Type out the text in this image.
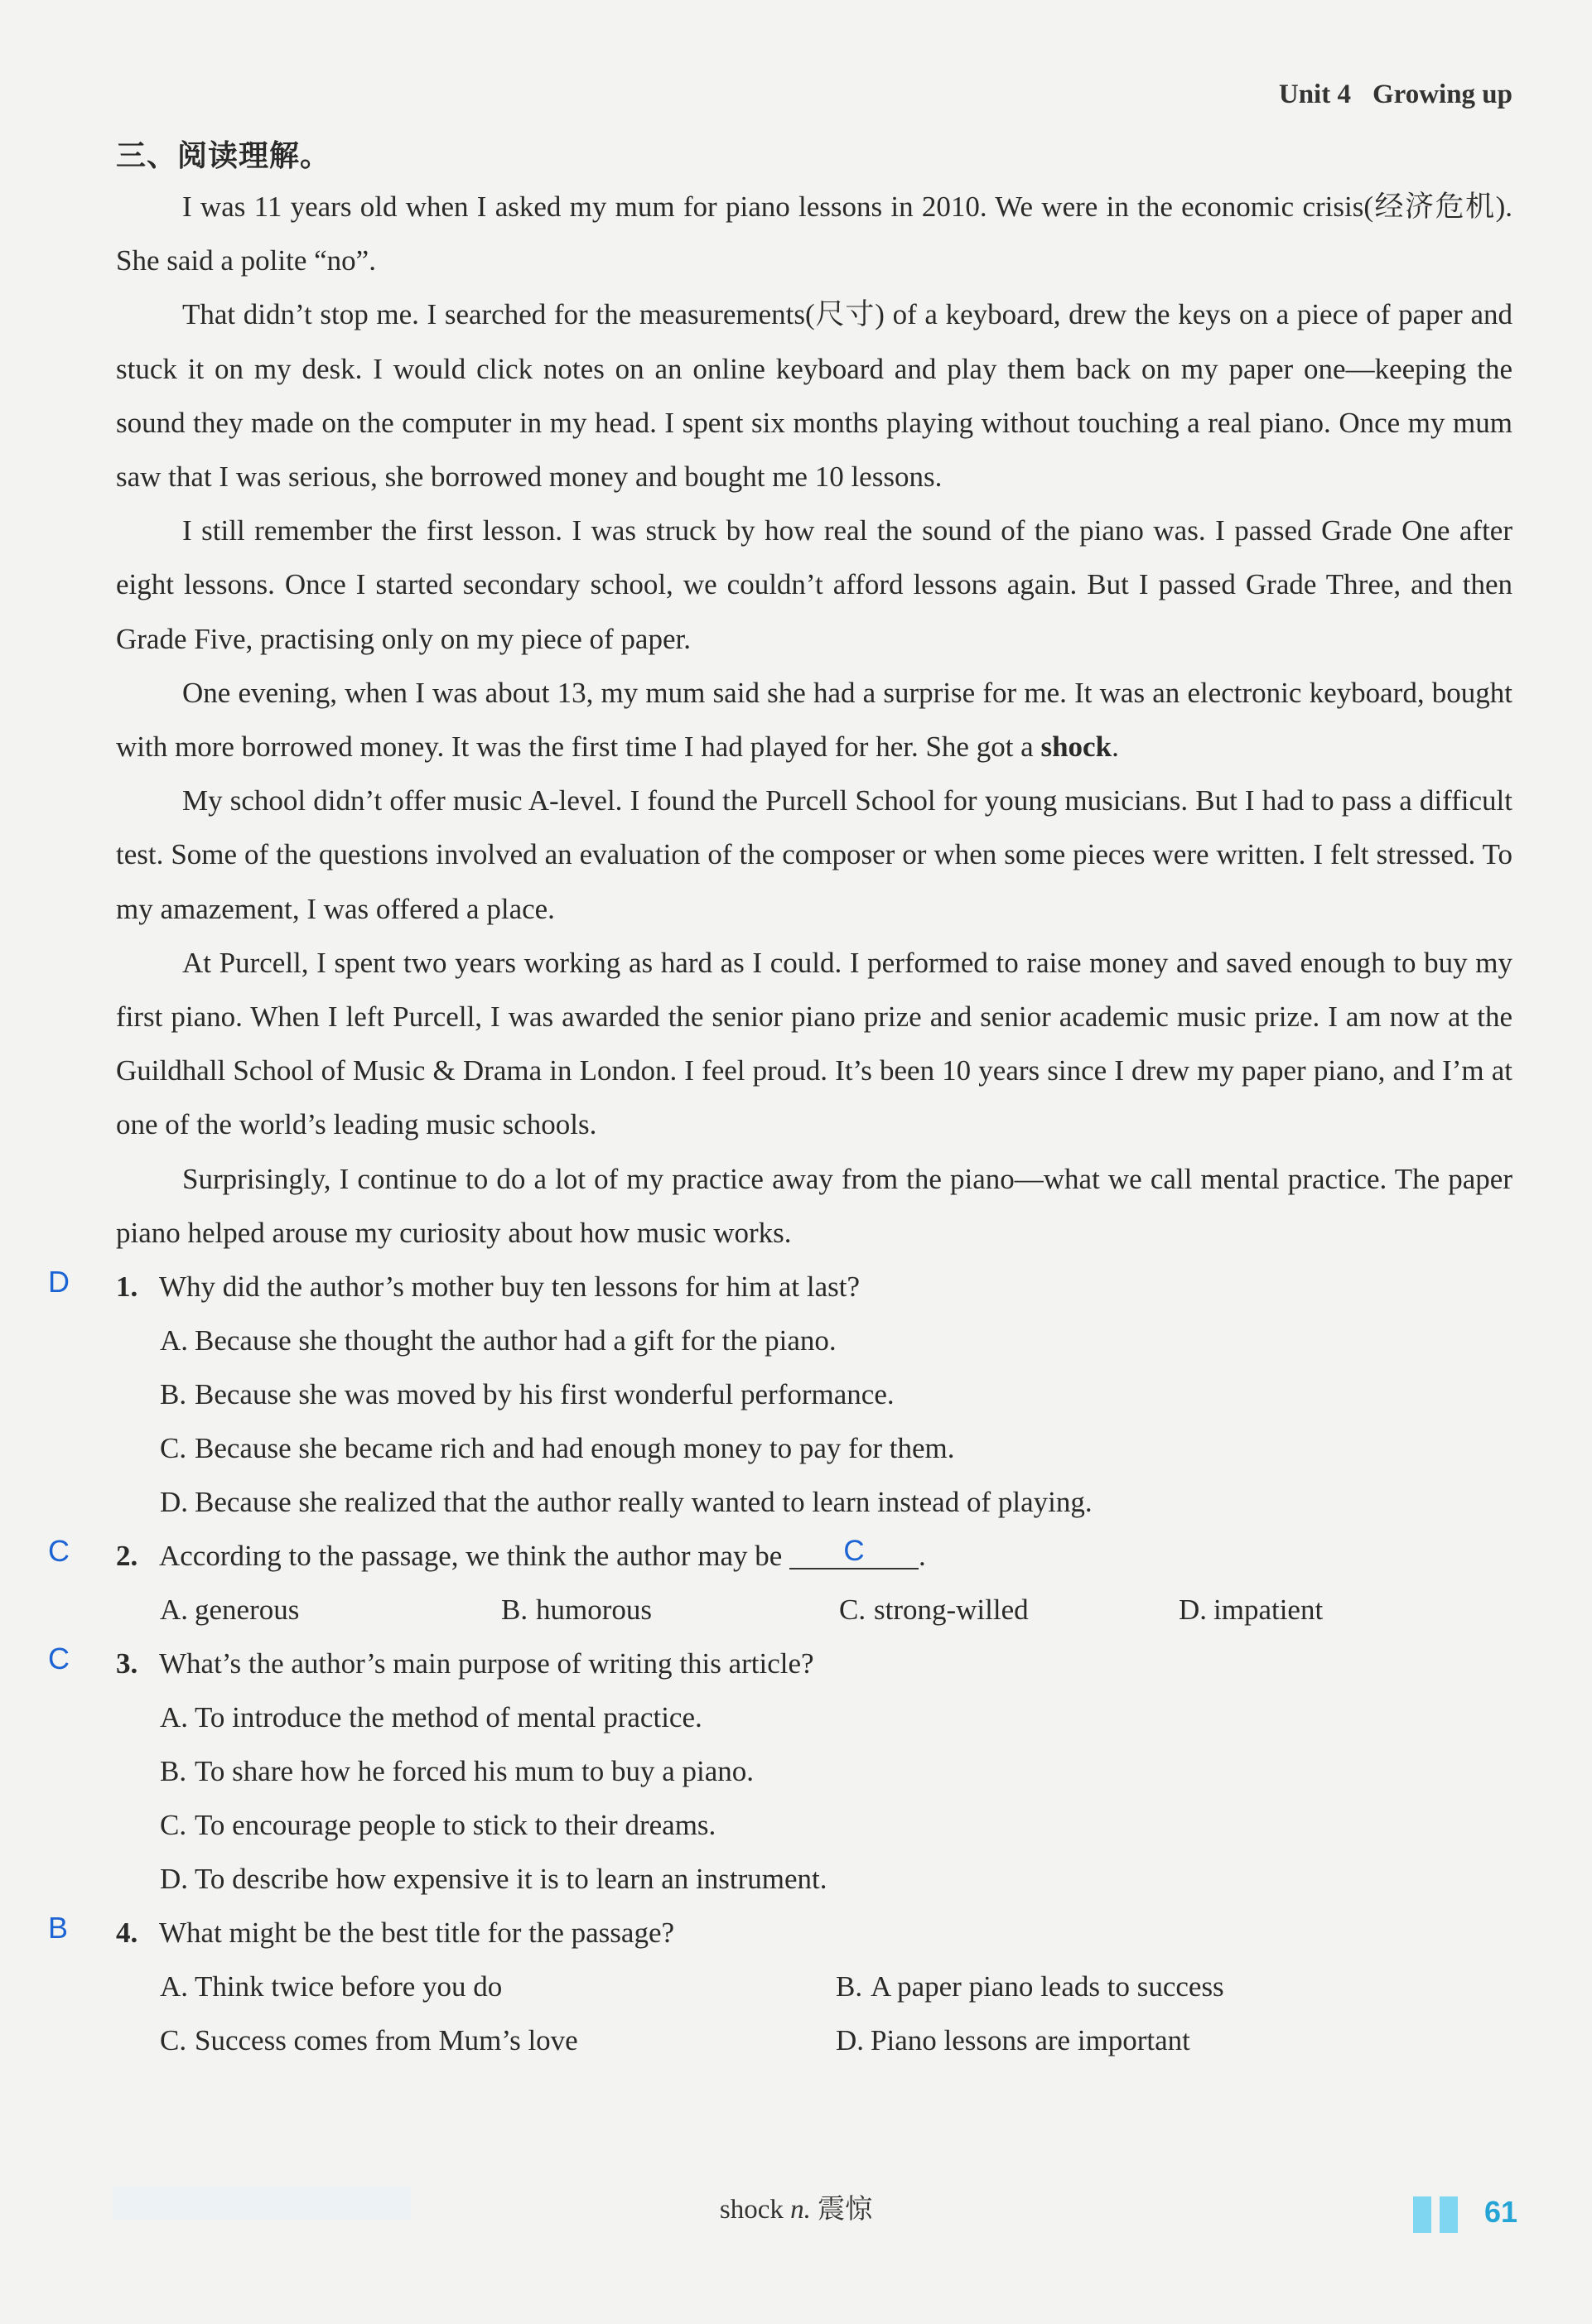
Unit 4 Growing up
三、阅读理解。

I was 11 years old when I asked my mum for piano lessons in 2010. We were in the economic crisis(经济危机). She said a polite “no”.

That didn’t stop me. I searched for the measurements(尺寸) of a keyboard, drew the keys on a piece of paper and stuck it on my desk. I would click notes on an online keyboard and play them back on my paper one—keeping the sound they made on the computer in my head. I spent six months playing without touching a real piano. Once my mum saw that I was serious, she borrowed money and bought me 10 lessons.

I still remember the first lesson. I was struck by how real the sound of the piano was. I passed Grade One after eight lessons. Once I started secondary school, we couldn’t afford lessons again. But I passed Grade Three, and then Grade Five, practising only on my piece of paper.

One evening, when I was about 13, my mum said she had a surprise for me. It was an electronic keyboard, bought with more borrowed money. It was the first time I had played for her. She got a shock.

My school didn’t offer music A-level. I found the Purcell School for young musicians. But I had to pass a difficult test. Some of the questions involved an evaluation of the composer or when some pieces were written. I felt stressed. To my amazement, I was offered a place.

At Purcell, I spent two years working as hard as I could. I performed to raise money and saved enough to buy my first piano. When I left Purcell, I was awarded the senior piano prize and senior academic music prize. I am now at the Guildhall School of Music & Drama in London. I feel proud. It’s been 10 years since I drew my paper piano, and I’m at one of the world’s leading music schools.

Surprisingly, I continue to do a lot of my practice away from the piano—what we call mental practice. The paper piano helped arouse my curiosity about how music works.

D 1. Why did the author’s mother buy ten lessons for him at last?

A. Because she thought the author had a gift for the piano.

B. Because she was moved by his first wonderful performance.

C. Because she became rich and had enough money to pay for them.

D. Because she realized that the author really wanted to learn instead of playing.

C 2. According to the passage, we think the author may be C .

A. generous	B. humorous	C. strong-willed	D. impatient
C 3. What’s the author’s main purpose of writing this article?

A. To introduce the method of mental practice.

B. To share how he forced his mum to buy a piano.

C. To encourage people to stick to their dreams.

D. To describe how expensive it is to learn an instrument.

B 4. What might be the best title for the passage?

A. Think twice before you do	B. A paper piano leads to success
C. Success comes from Mum’s love	D. Piano lessons are important
shock n. 震惊	61
